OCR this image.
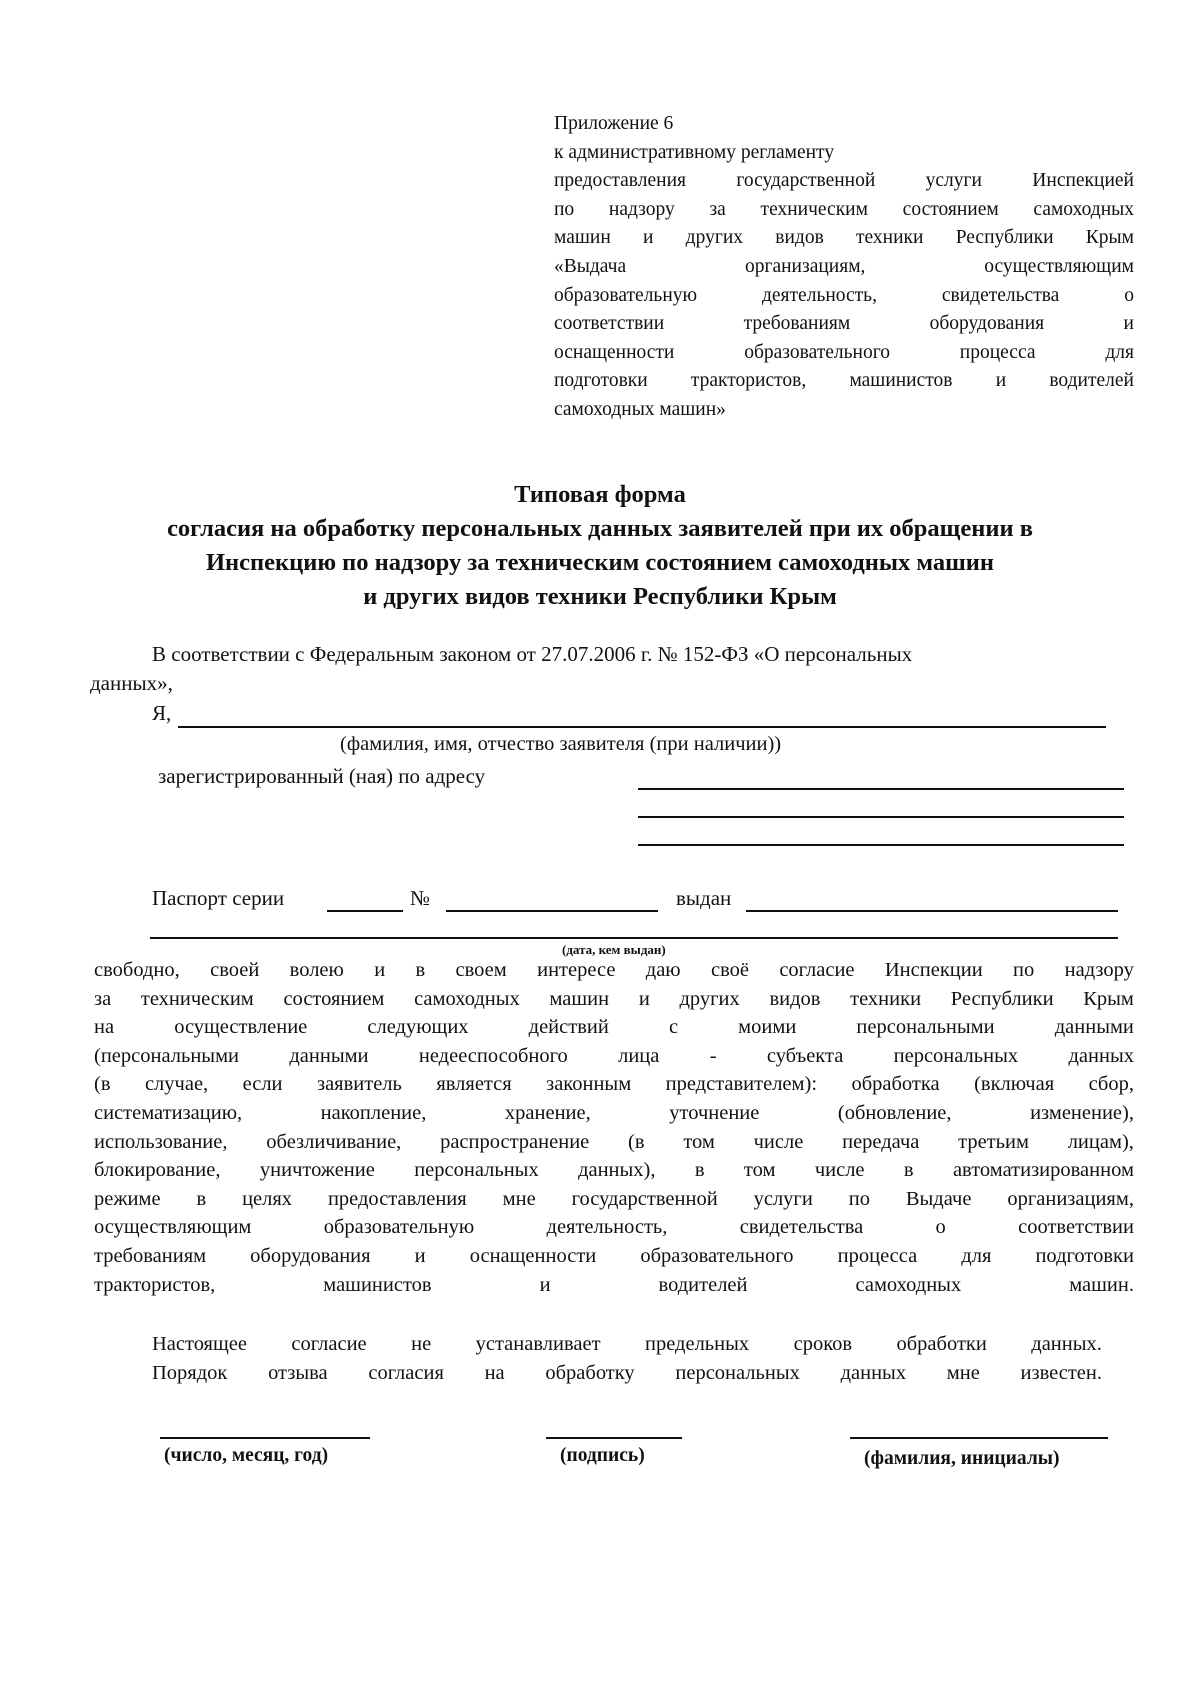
Приложение 6
к административному регламенту
предоставления	государственной	услуги	Инспекцией
по надзору за техническим состоянием самоходных
машин и других видов техники Республики Крым
«Выдача	организациям,	осуществляющим
образовательную	деятельность,	свидетельства	о
соответствии	требованиям	оборудования	и
оснащенности	образовательного	процесса	для
подготовки трактористов, машинистов и водителей
самоходных машин»
Типовая форма
согласия на обработку персональных данных заявителей при их обращении в
Инспекцию по надзору за техническим состоянием самоходных машин
и других видов техники Республики Крым
В соответствии с Федеральным законом от 27.07.2006 г. № 152-ФЗ «О персональных
данных»,
Я,
(фамилия, имя, отчество заявителя (при наличии))
зарегистрированный (ная) по адресу
Паспорт серии	№	выдан
(дата, кем выдан)
свободно, своей волею и в своем интересе даю своё согласие Инспекции по надзору
за техническим состоянием самоходных машин и других видов техники Республики Крым
на	осуществление	следующих	действий	с	моими	персональными	данными
(персональными данными недееспособного лица - субъекта персональных данных
(в случае, если заявитель является законным представителем): обработка (включая сбор,
систематизацию,	накопление,	хранение,	уточнение	(обновление,	изменение),
использование, обезличивание, распространение (в том числе передача третьим лицам),
блокирование, уничтожение персональных данных), в том числе в автоматизированном
режиме в целях предоставления мне государственной услуги по Выдаче организациям,
осуществляющим	образовательную	деятельность,	свидетельства	о	соответствии
требованиям оборудования и оснащенности образовательного процесса для подготовки
трактористов, машинистов и водителей самоходных машин.
Настоящее согласие не устанавливает предельных сроков обработки данных.
Порядок отзыва согласия на обработку персональных данных мне известен.
(число, месяц, год)	(подпись)	(фамилия, инициалы)
